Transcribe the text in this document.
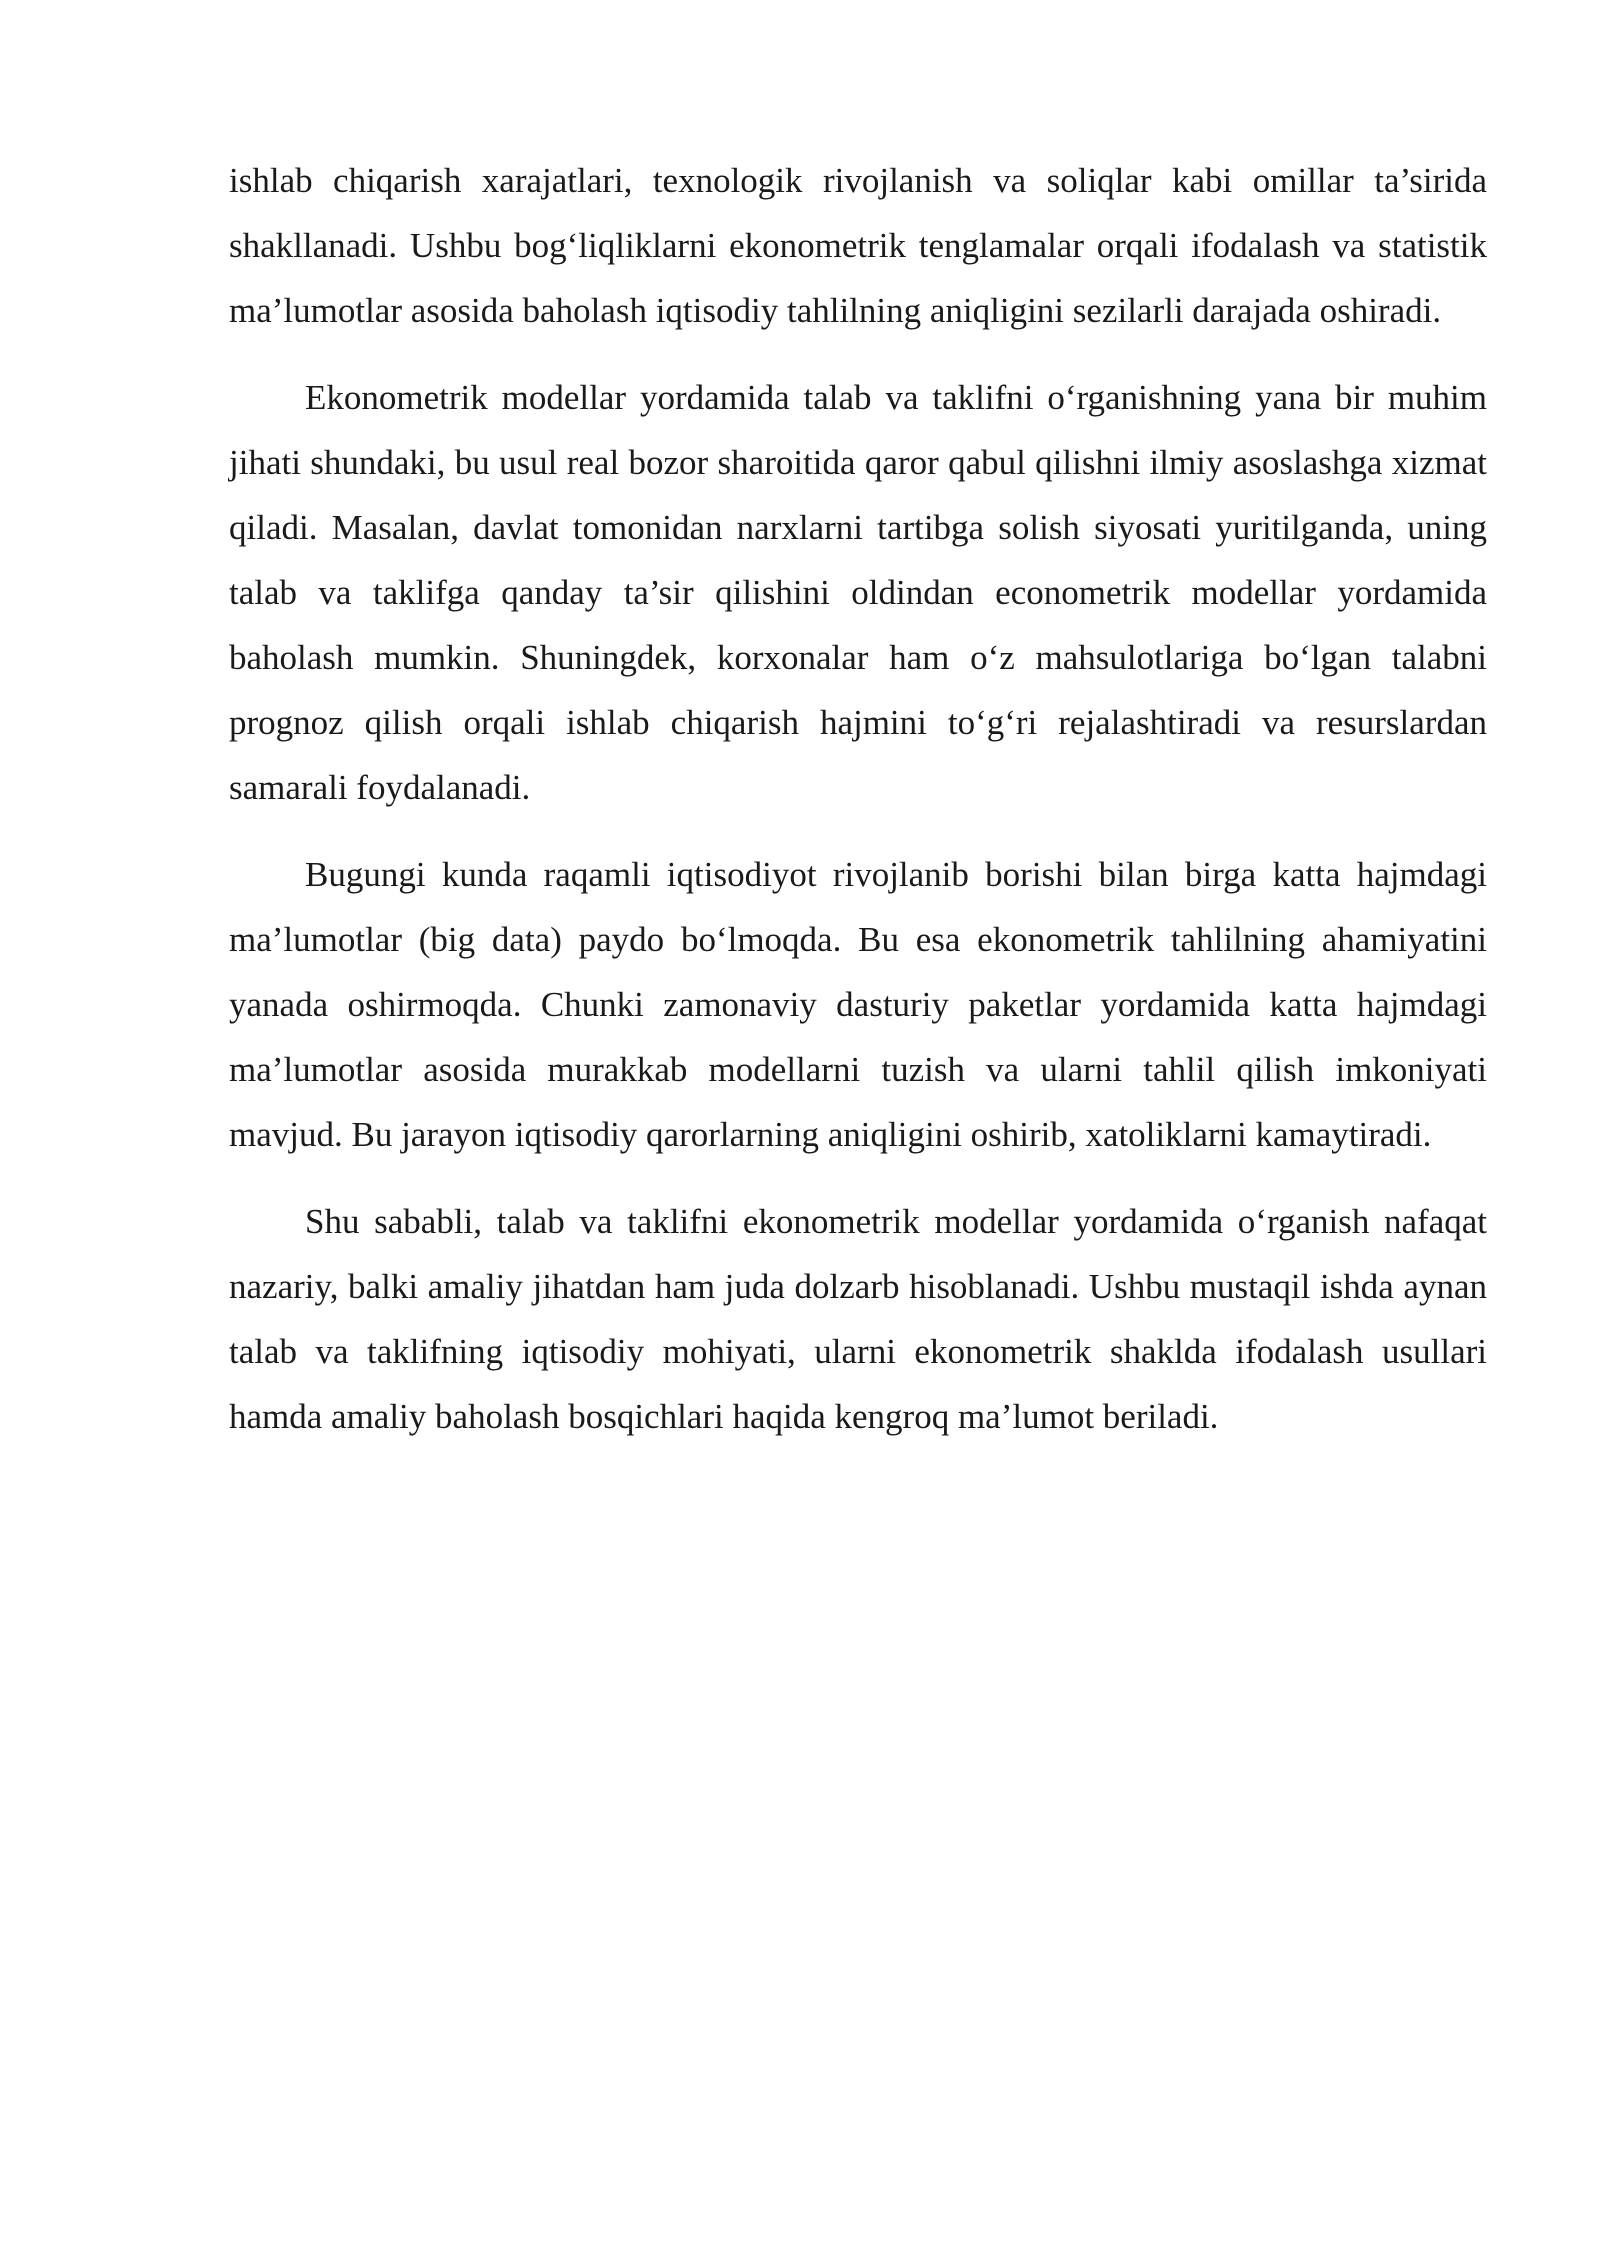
ishlab chiqarish xarajatlari, texnologik rivojlanish va soliqlar kabi omillar ta’sirida shakllanadi. Ushbu bog‘liqliklarni ekonometrik tenglamalar orqali ifodalash va statistik ma’lumotlar asosida baholash iqtisodiy tahlilning aniqligini sezilarli darajada oshiradi.

Ekonometrik modellar yordamida talab va taklifni o‘rganishning yana bir muhim jihati shundaki, bu usul real bozor sharoitida qaror qabul qilishni ilmiy asoslashga xizmat qiladi. Masalan, davlat tomonidan narxlarni tartibga solish siyosati yuritilganda, uning talab va taklifga qanday ta’sir qilishini oldindan econometrik modellar yordamida baholash mumkin. Shuningdek, korxonalar ham o‘z mahsulotlariga bo‘lgan talabni prognoz qilish orqali ishlab chiqarish hajmini to‘g‘ri rejalashtiradi va resurslardan samarali foydalanadi.

Bugungi kunda raqamli iqtisodiyot rivojlanib borishi bilan birga katta hajmdagi ma’lumotlar (big data) paydo bo‘lmoqda. Bu esa ekonometrik tahlilning ahamiyatini yanada oshirmoqda. Chunki zamonaviy dasturiy paketlar yordamida katta hajmdagi ma’lumotlar asosida murakkab modellarni tuzish va ularni tahlil qilish imkoniyati mavjud. Bu jarayon iqtisodiy qarorlarning aniqligini oshirib, xatoliklarni kamaytiradi.

Shu sababli, talab va taklifni ekonometrik modellar yordamida o‘rganish nafaqat nazariy, balki amaliy jihatdan ham juda dolzarb hisoblanadi. Ushbu mustaqil ishda aynan talab va taklifning iqtisodiy mohiyati, ularni ekonometrik shaklda ifodalash usullari hamda amaliy baholash bosqichlari haqida kengroq ma’lumot beriladi.
